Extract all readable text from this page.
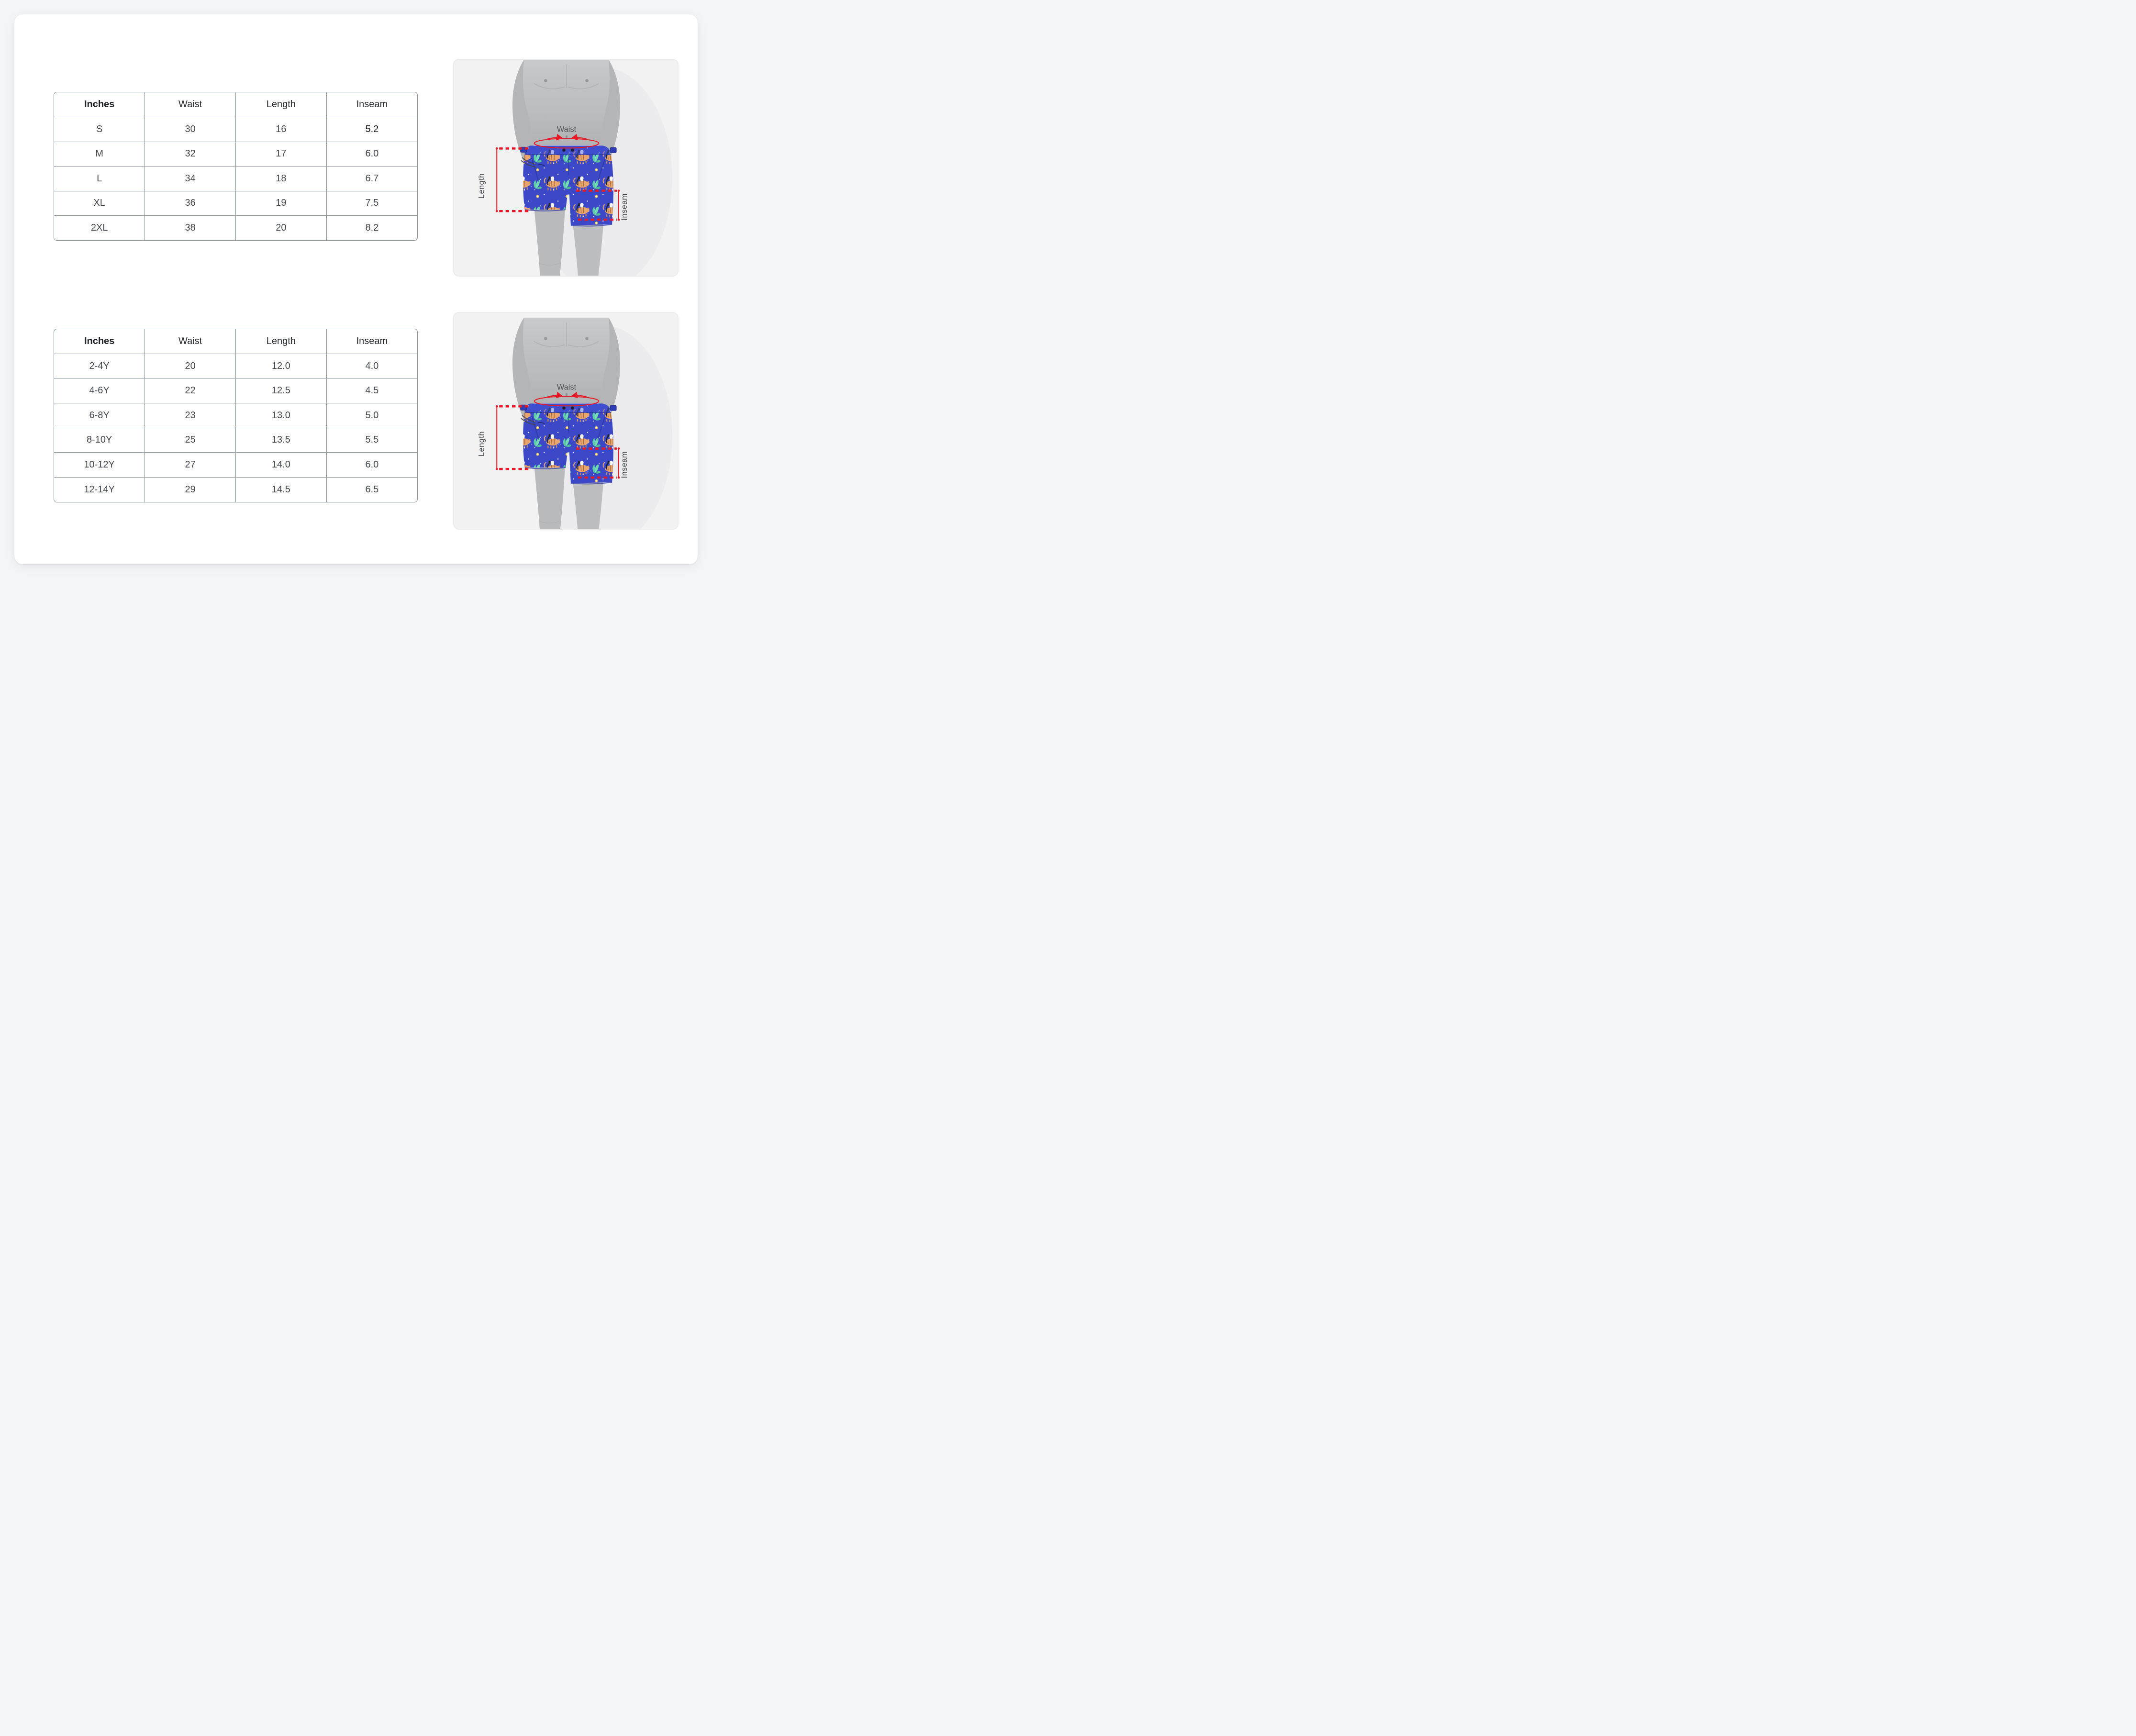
Inches	Waist	Length	Inseam
S	30	16	5.2
M	32	17	6.0
L	34	18	6.7
XL	36	19	7.5
2XL	38	20	8.2
Inches	Waist	Length	Inseam
2-4Y	20	12.0	4.0
4-6Y	22	12.5	4.5
6-8Y	23	13.0	5.0
8-10Y	25	13.5	5.5
10-12Y	27	14.0	6.0
12-14Y	29	14.5	6.5
Waist
Length
Inseam
Waist
Length
Inseam
